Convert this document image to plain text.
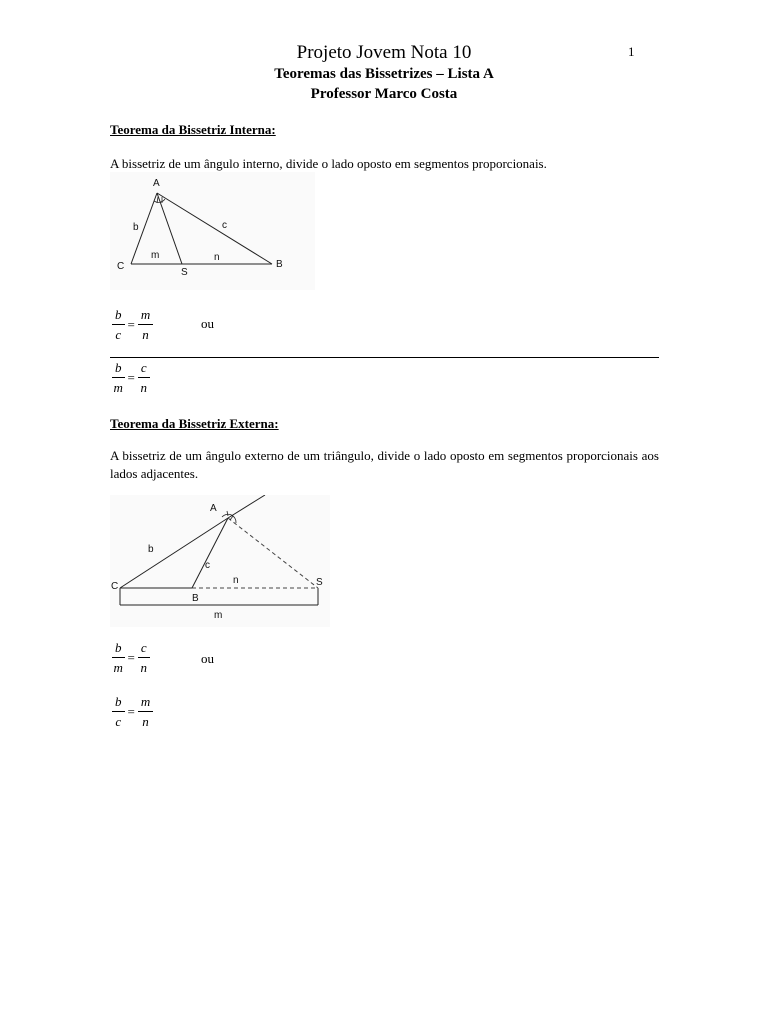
Projeto Jovem Nota 10
Teoremas das Bissetrizes – Lista A
Professor Marco Costa
1
Teorema da Bissetriz Interna:
A bissetriz de um ângulo interno, divide o lado oposto em segmentos proporcionais.
A
B
C
S
b	c
m	n
$\frac{b}{c} = \frac{m}{n}$	ou
$\frac{b}{m} = \frac{c}{n}$
Teorema da Bissetriz Externa:
A bissetriz de um ângulo externo de um triângulo, divide o lado oposto em segmentos proporcionais aos lados adjacentes.
A
B
C	S
b
c
n
m
$\frac{b}{m} = \frac{c}{n}$	ou
$\frac{b}{c} = \frac{m}{n}$
